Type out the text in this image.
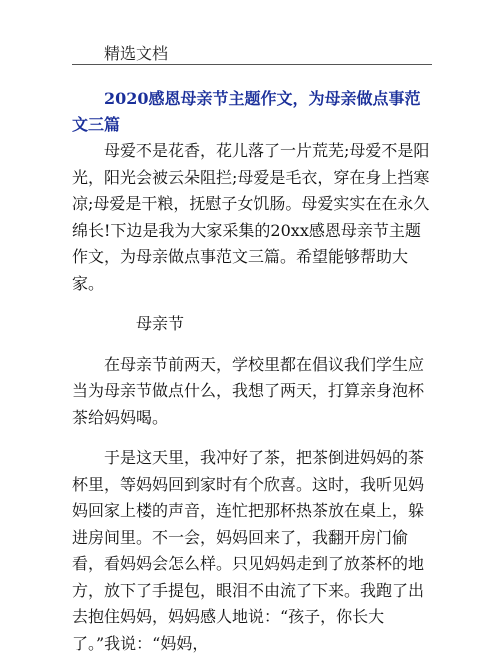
精选文档
2020感恩母亲节主题作文，为母亲做点事范文三篇

母爱不是花香，花儿落了一片荒芜;母爱不是阳光，阳光会被云朵阻拦;母爱是毛衣，穿在身上挡寒凉;母爱是干粮，抚慰子女饥肠。母爱实实在在永久绵长!下边是我为大家采集的20xx感恩母亲节主题作文，为母亲做点事范文三篇。希望能够帮助大家。

母亲节

在母亲节前两天，学校里都在倡议我们学生应当为母亲节做点什么，我想了两天，打算亲身泡杯茶给妈妈喝。

于是这天里，我冲好了茶，把茶倒进妈妈的茶杯里，等妈妈回到家时有个欣喜。这时，我听见妈妈回家上楼的声音，连忙把那杯热茶放在桌上，躲进房间里。不一会，妈妈回来了，我翻开房门偷看，看妈妈会怎么样。只见妈妈走到了放茶杯的地方，放下了手提包，眼泪不由流了下来。我跑了出去抱住妈妈，妈妈感人地说：“孩子，你长大了。”我说：“妈妈，
